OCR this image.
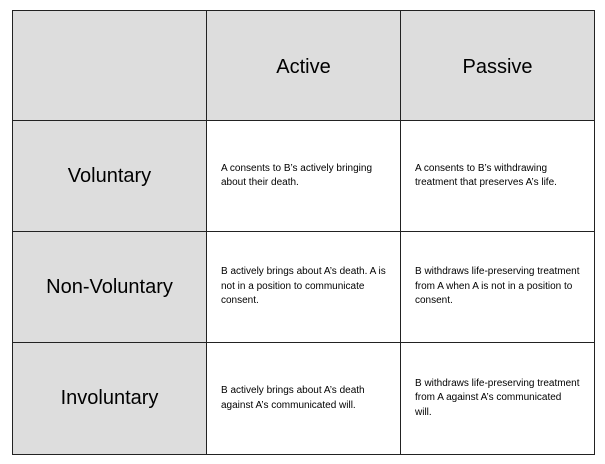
	Active	Passive
Voluntary	A consents to B’s actively bringing about their death.	A consents to B’s withdrawing treatment that preserves A’s life.
Non-Voluntary	B actively brings about A’s death. A is not in a position to communicate consent.	B withdraws life-preserving treatment from A when A is not in a position to consent.
Involuntary	B actively brings about A’s death against A’s communicated will.	B withdraws life-preserving treatment from A against A’s communicated will.
